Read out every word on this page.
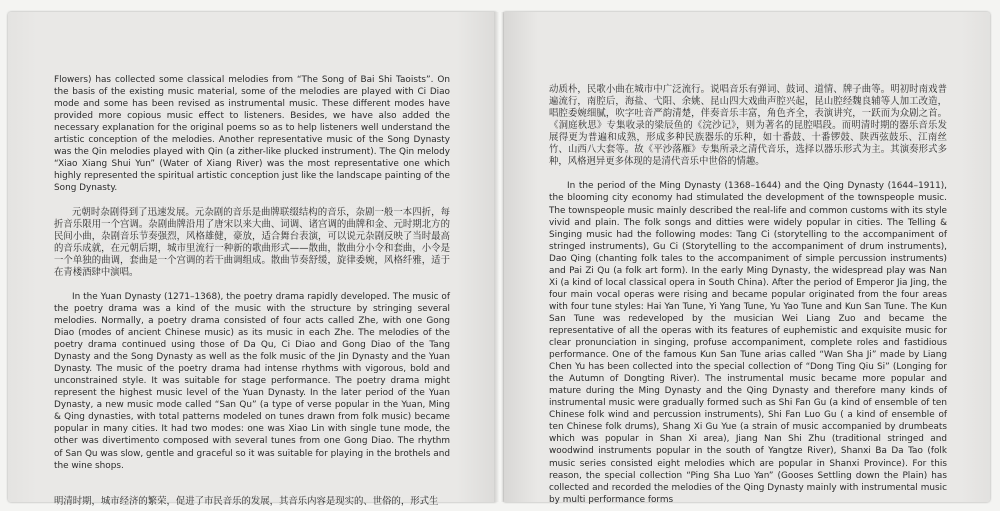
Flowers) has collected some classical melodies from “The Song of Bai Shi Taoists”. On the basis of the existing music material, some of the melodies are played with Ci Diao mode and some has been revised as instrumental music. These different modes have provided more copious music effect to listeners. Besides, we have also added the necessary explanation for the original poems so as to help listeners well understand the artistic conception of the melodies. Another representative music of the Song Dynasty was the Qin melodies played with Qin (a zither-like plucked instrument). The Qin melody “Xiao Xiang Shui Yun” (Water of Xiang River) was the most representative one which highly represented the spiritual artistic conception just like the landscape painting of the Song Dynasty.

元朝时杂剧得到了迅速发展。元杂剧的音乐是曲牌联缀结构的音乐，杂剧一般一本四折，每折音乐限用一个宫调。杂剧曲牌沿用了唐宋以来大曲、词调、诸宫调的曲牌和金、元时期北方的民间小曲，杂剧音乐节奏强烈，风格雄健，豪放，适合舞台表演，可以说元杂剧反映了当时最高的音乐成就，在元朝后期，城市里流行一种新的歌曲形式——散曲，散曲分小令和套曲，小令是一个单独的曲调，套曲是一个宫调的若干曲调组成。散曲节奏舒缓，旋律委婉，风格纤雅，适于在青楼酒肆中演唱。

In the Yuan Dynasty (1271–1368), the poetry drama rapidly developed. The music of the poetry drama was a kind of the music with the structure by stringing several melodies. Normally, a poetry drama consisted of four acts called Zhe, with one Gong Diao (modes of ancient Chinese music) as its music in each Zhe. The melodies of the poetry drama continued using those of Da Qu, Ci Diao and Gong Diao of the Tang Dynasty and the Song Dynasty as well as the folk music of the Jin Dynasty and the Yuan Dynasty. The music of the poetry drama had intense rhythms with vigorous, bold and unconstrained style. It was suitable for stage performance. The poetry drama might represent the highest music level of the Yuan Dynasty. In the later period of the Yuan Dynasty, a new music mode called “San Qu” (a type of verse popular in the Yuan, Ming & Qing dynasties, with total patterns modeled on tunes drawn from folk music) became popular in many cities. It had two modes: one was Xiao Lin with single tune mode, the other was divertimento composed with several tunes from one Gong Diao. The rhythm of San Qu was slow, gentle and graceful so it was suitable for playing in the brothels and the wine shops.

明清时期，城市经济的繁荣，促进了市民音乐的发展，其音乐内容是现实的、世俗的，形式生

动质朴，民歌小曲在城市中广泛流行。说唱音乐有弹词、鼓词、道情、牌子曲等。明初时南戏普遍流行，南腔后，海盐、弋阳、余姚、昆山四大戏曲声腔兴起，昆山腔经魏良辅等人加工改造，唱腔委婉细腻，吹字吐音严韵清楚，伴奏音乐丰富，角色齐全，表演讲究，一跃而为众剧之首。《洞庭秋思》专集收录的梁辰鱼的《浣沙记》，则为著名的昆腔唱段。而明清时期的器乐音乐发展得更为普遍和成熟，形成多种民族器乐的乐种，如十番鼓、十番锣鼓、陕西弦鼓乐、江南丝竹、山西八大套等。故《平沙落雁》专集所录之清代音乐，选择以器乐形式为主。其演奏形式多种，风格迥异更多体现的是清代音乐中世俗的情趣。

In the period of the Ming Dynasty (1368–1644) and the Qing Dynasty (1644–1911), the blooming city economy had stimulated the development of the townspeople music. The townspeople music mainly described the real-life and common customs with its style vivid and plain. The folk songs and ditties were widely popular in cities. The Telling & Singing music had the following modes: Tang Ci (storytelling to the accompaniment of stringed instruments), Gu Ci (Storytelling to the accompaniment of drum instruments), Dao Qing (chanting folk tales to the accompaniment of simple percussion instruments) and Pai Zi Qu (a folk art form). In the early Ming Dynasty, the widespread play was Nan Xi (a kind of local classical opera in South China). After the period of Emperor Jia Jing, the four main vocal operas were rising and became popular originated from the four areas with four tune styles: Hai Yan Tune, Yi Yang Tune, Yu Yao Tune and Kun San Tune. The Kun San Tune was redeveloped by the musician Wei Liang Zuo and became the representative of all the operas with its features of euphemistic and exquisite music for clear pronunciation in singing, profuse accompaniment, complete roles and fastidious performance. One of the famous Kun San Tune arias called “Wan Sha Ji” made by Liang Chen Yu has been collected into the special collection of “Dong Ting Qiu Si” (Longing for the Autumn of Dongting River). The instrumental music became more popular and mature during the Ming Dynasty and the Qing Dynasty and therefore many kinds of instrumental music were gradually formed such as Shi Fan Gu (a kind of ensemble of ten Chinese folk wind and percussion instruments), Shi Fan Luo Gu ( a kind of ensemble of ten Chinese folk drums), Shang Xi Gu Yue (a strain of music accompanied by drumbeats which was popular in Shan Xi area), Jiang Nan Shi Zhu (traditional stringed and woodwind instruments popular in the south of Yangtze River), Shanxi Ba Da Tao (folk music series consisted eight melodies which are popular in Shanxi Province). For this reason, the special collection “Ping Sha Luo Yan” (Gooses Settling down the Plain) has collected and recorded the melodies of the Qing Dynasty mainly with instrumental music by multi performance forms
